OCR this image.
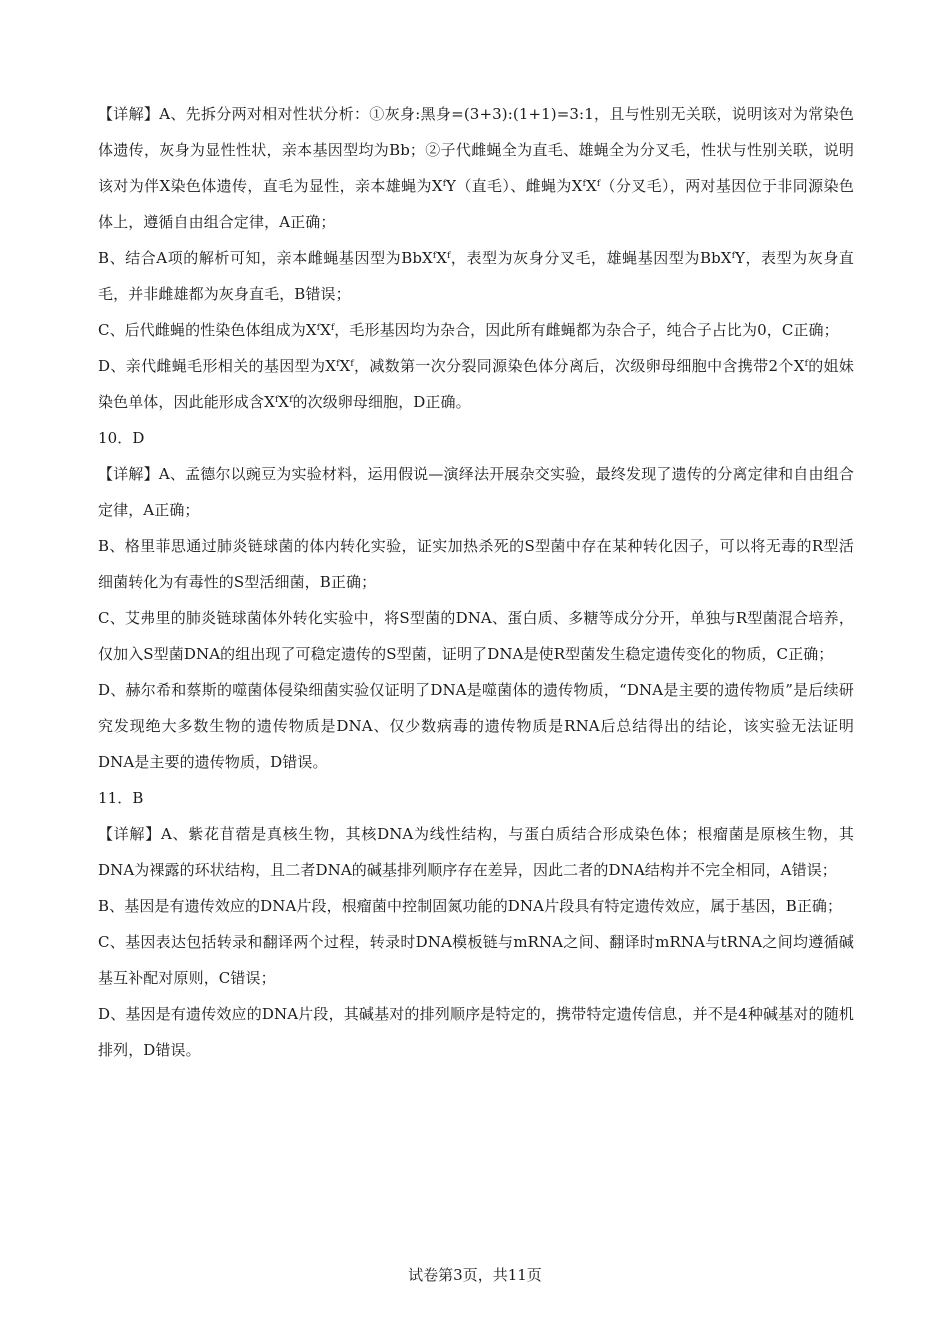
【详解】A、先拆分两对相对性状分析：①灰身:黑身=(3+3):(1+1)=3:1，且与性别无关联，说明该对为常染色体遗传，灰身为显性性状，亲本基因型均为Bb；②子代雌蝇全为直毛、雄蝇全为分叉毛，性状与性别关联，说明该对为伴X染色体遗传，直毛为显性，亲本雄蝇为XᶠY（直毛）、雌蝇为XᶠXᶠ（分叉毛），两对基因位于非同源染色体上，遵循自由组合定律，A正确；

B、结合A项的解析可知，亲本雌蝇基因型为BbXᶠXᶠ，表型为灰身分叉毛，雄蝇基因型为BbXᶠY，表型为灰身直毛，并非雌雄都为灰身直毛，B错误；

C、后代雌蝇的性染色体组成为XᶠXᶠ，毛形基因均为杂合，因此所有雌蝇都为杂合子，纯合子占比为0，C正确；

D、亲代雌蝇毛形相关的基因型为XᶠXᶠ，减数第一次分裂同源染色体分离后，次级卵母细胞中含携带2个Xᶠ的姐妹染色单体，因此能形成含XᶠXᶠ的次级卵母细胞，D正确。

10．D

【详解】A、孟德尔以豌豆为实验材料，运用假说—演绎法开展杂交实验，最终发现了遗传的分离定律和自由组合定律，A正确；

B、格里菲思通过肺炎链球菌的体内转化实验，证实加热杀死的S型菌中存在某种转化因子，可以将无毒的R型活细菌转化为有毒性的S型活细菌，B正确；

C、艾弗里的肺炎链球菌体外转化实验中，将S型菌的DNA、蛋白质、多糖等成分分开，单独与R型菌混合培养，仅加入S型菌DNA的组出现了可稳定遗传的S型菌，证明了DNA是使R型菌发生稳定遗传变化的物质，C正确；

D、赫尔希和蔡斯的噬菌体侵染细菌实验仅证明了DNA是噬菌体的遗传物质，“DNA是主要的遗传物质”是后续研究发现绝大多数生物的遗传物质是DNA、仅少数病毒的遗传物质是RNA后总结得出的结论，该实验无法证明DNA是主要的遗传物质，D错误。

11．B

【详解】A、紫花苜蓿是真核生物，其核DNA为线性结构，与蛋白质结合形成染色体；根瘤菌是原核生物，其DNA为裸露的环状结构，且二者DNA的碱基排列顺序存在差异，因此二者的DNA结构并不完全相同，A错误；

B、基因是有遗传效应的DNA片段，根瘤菌中控制固氮功能的DNA片段具有特定遗传效应，属于基因，B正确；

C、基因表达包括转录和翻译两个过程，转录时DNA模板链与mRNA之间、翻译时mRNA与tRNA之间均遵循碱基互补配对原则，C错误；

D、基因是有遗传效应的DNA片段，其碱基对的排列顺序是特定的，携带特定遗传信息，并不是4种碱基对的随机排列，D错误。

试卷第3页，共11页
